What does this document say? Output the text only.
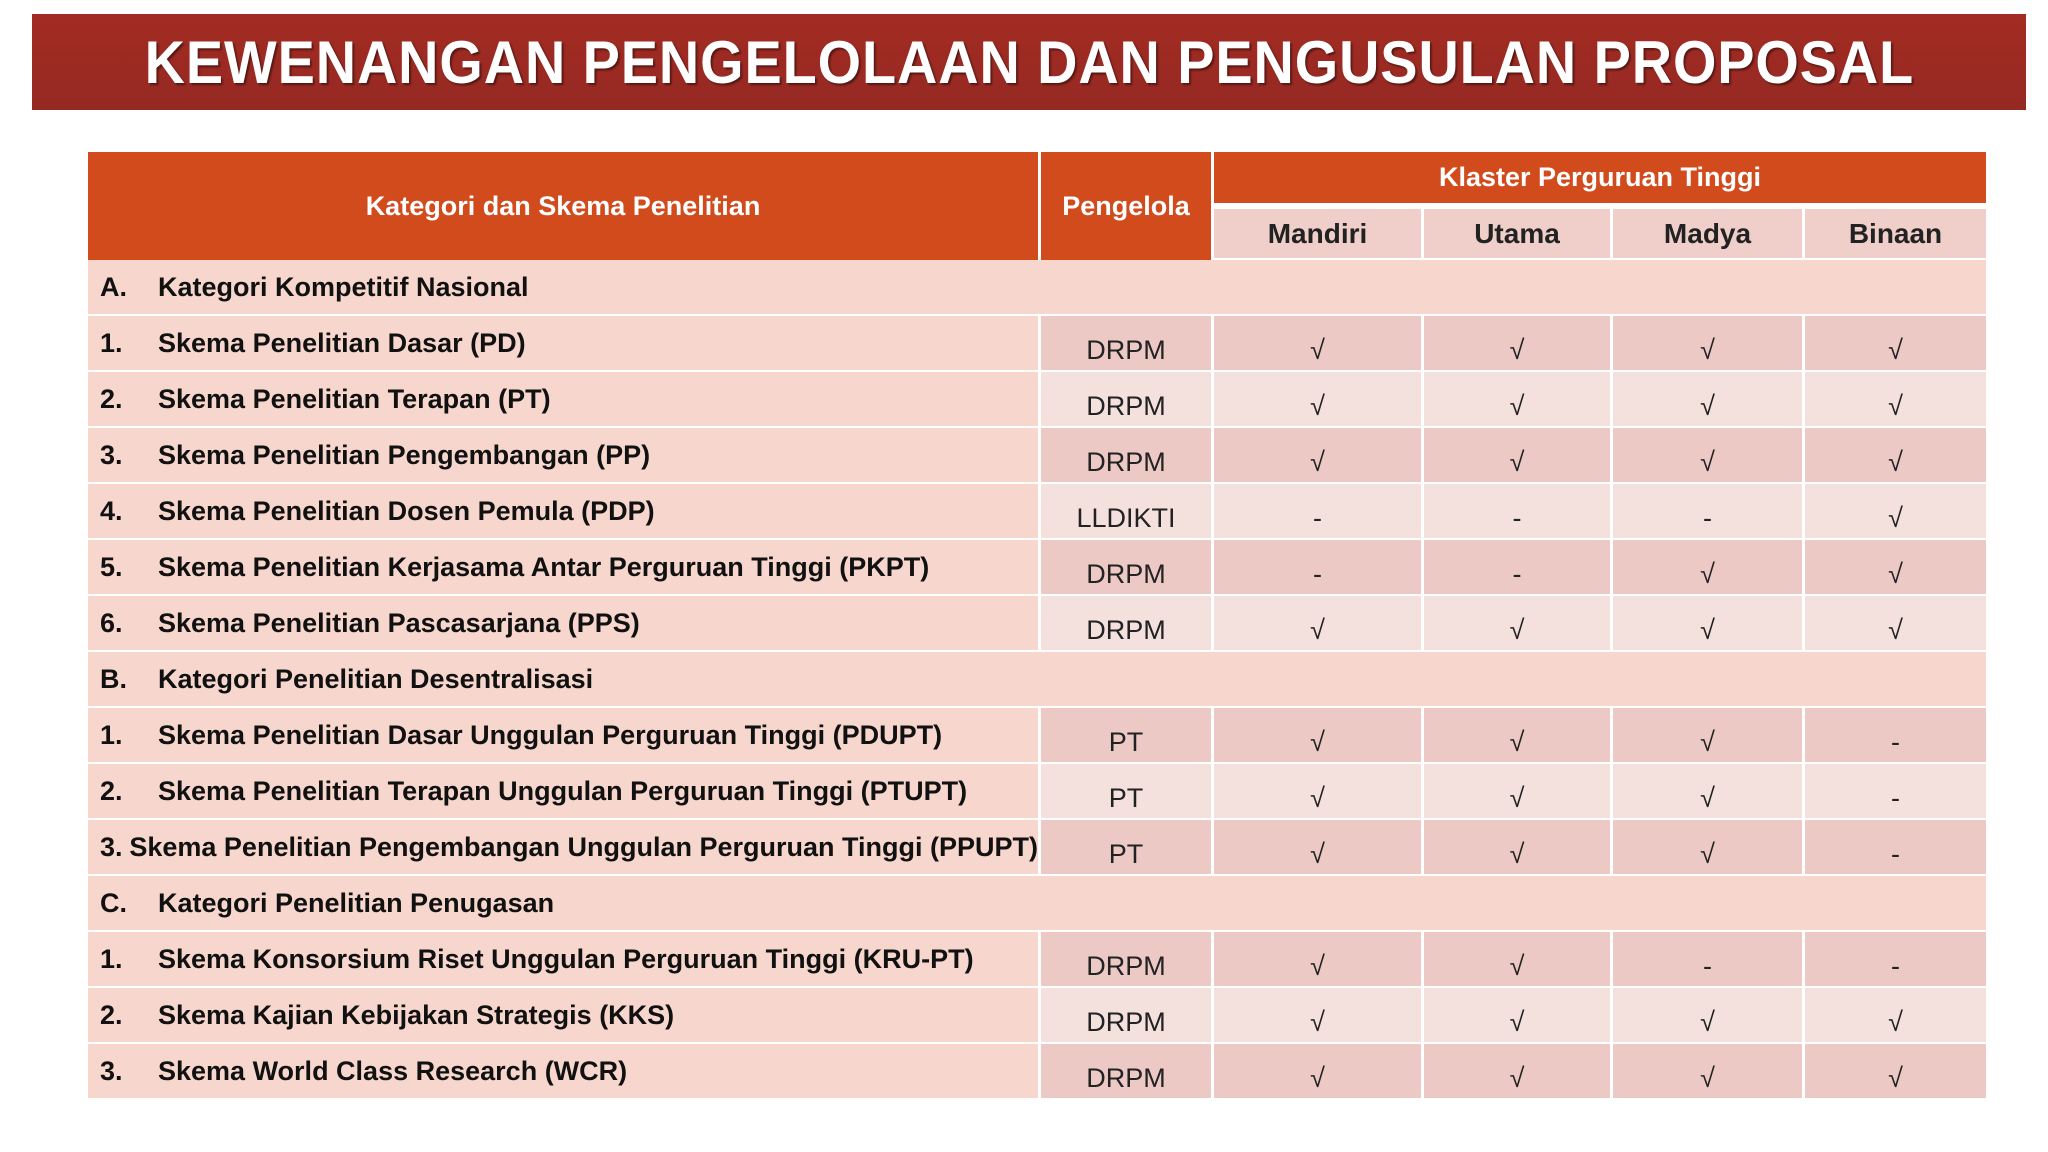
KEWENANGAN PENGELOLAAN DAN PENGUSULAN PROPOSAL
Kategori dan Skema Penelitian	Pengelola
Klaster Perguruan Tinggi
Mandiri	Utama	Madya	Binaan
A.	Kategori Kompetitif Nasional
1.	Skema Penelitian Dasar (PD)	DRPM	√	√	√	√
2.	Skema Penelitian Terapan (PT)	DRPM	√	√	√	√
3.	Skema Penelitian Pengembangan (PP)	DRPM	√	√	√	√
4.	Skema Penelitian Dosen Pemula (PDP)	LLDIKTI	-	-	-	√
5.	Skema Penelitian Kerjasama Antar Perguruan Tinggi (PKPT)	DRPM	-	-	√	√
6.	Skema Penelitian Pascasarjana (PPS)	DRPM	√	√	√	√
B.	Kategori Penelitian Desentralisasi
1.	Skema Penelitian Dasar Unggulan Perguruan Tinggi (PDUPT)	PT	√	√	√	-
2.	Skema Penelitian Terapan Unggulan Perguruan Tinggi (PTUPT)	PT	√	√	√	-
3. Skema Penelitian Pengembangan Unggulan Perguruan Tinggi (PPUPT)	PT	√	√	√	-
C.	Kategori Penelitian Penugasan
1.	Skema Konsorsium Riset Unggulan Perguruan Tinggi (KRU-PT)	DRPM	√	√	-	-
2.	Skema Kajian Kebijakan Strategis (KKS)	DRPM	√	√	√	√
3.	Skema World Class Research (WCR)	DRPM	√	√	√	√
